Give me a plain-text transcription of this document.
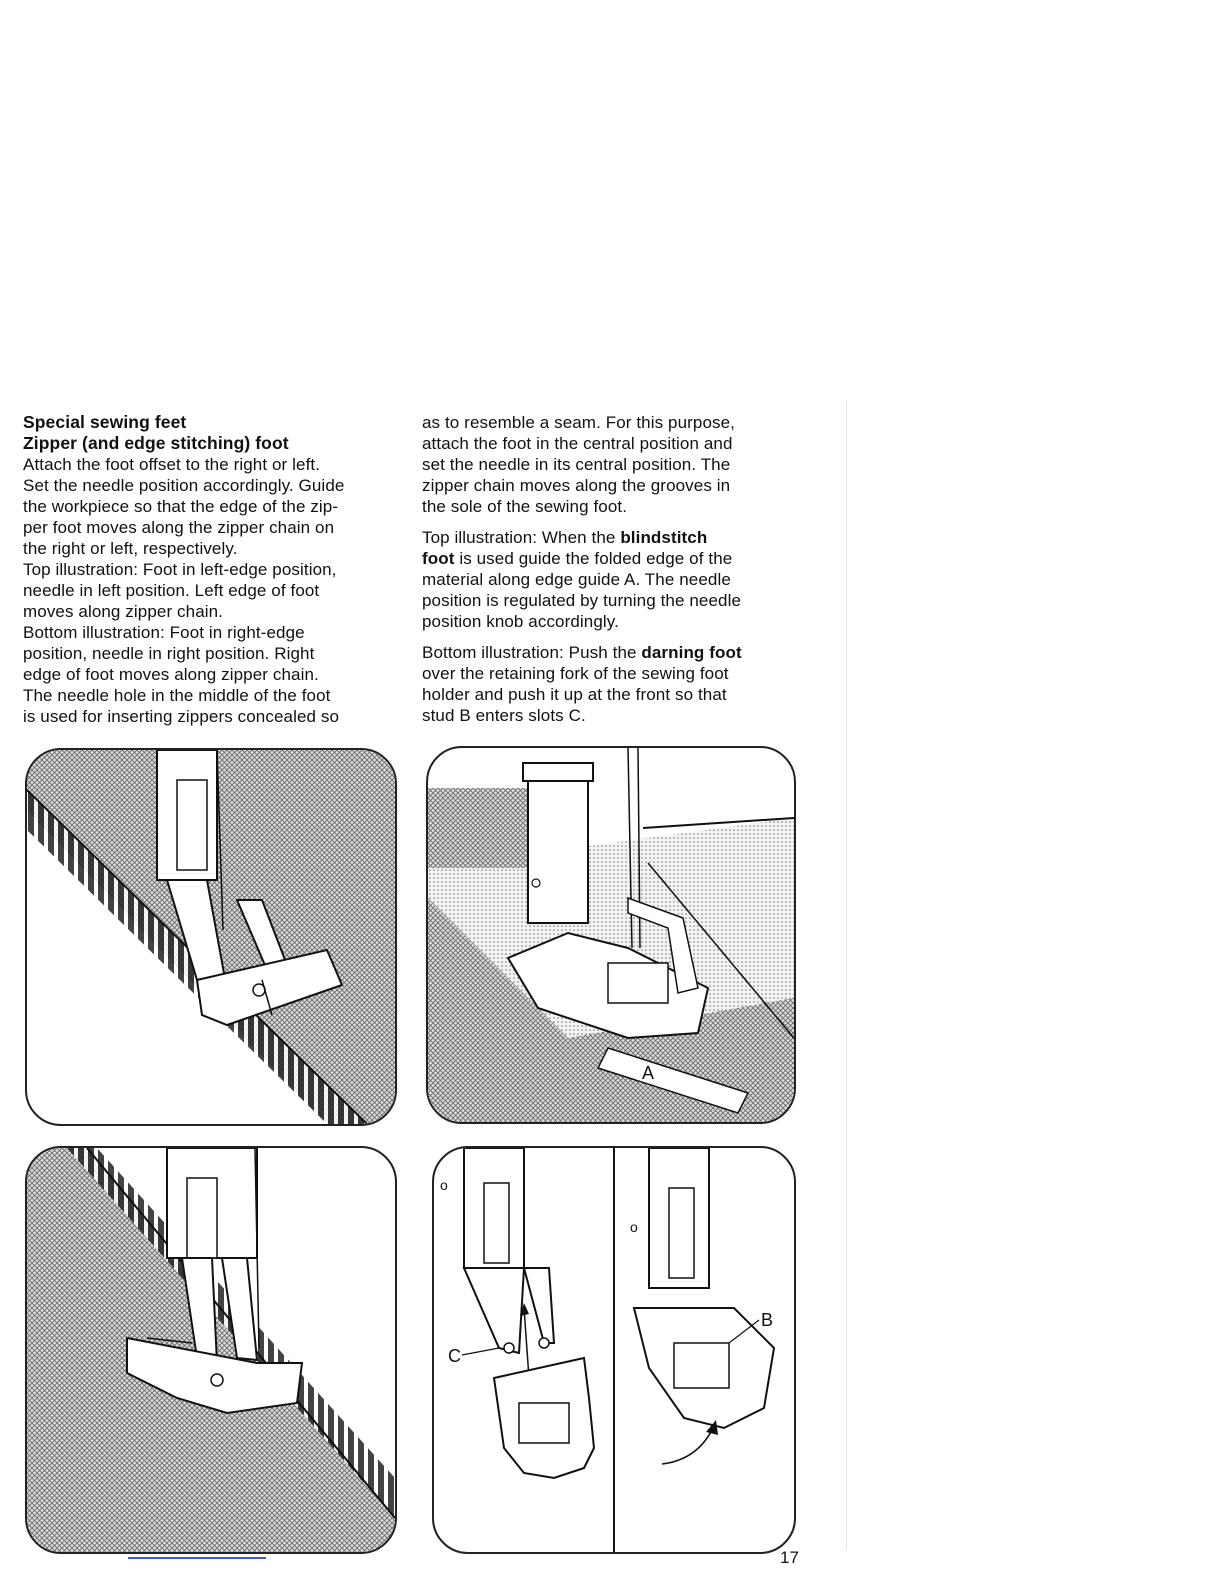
Special sewing feet

Zipper (and edge stitching) foot

Attach the foot offset to the right or left.

Set the needle position accordingly. Guide

the workpiece so that the edge of the zip-

per foot moves along the zipper chain on

the right or left, respectively.

Top illustration: Foot in left-edge position,

needle in left position. Left edge of foot

moves along zipper chain.

Bottom illustration: Foot in right-edge

position, needle in right position. Right

edge of foot moves along zipper chain.

The needle hole in the middle of the foot

is used for inserting zippers concealed so

as to resemble a seam. For this purpose,

attach the foot in the central position and

set the needle in its central position. The

zipper chain moves along the grooves in

the sole of the sewing foot.

Top illustration: When the blindstitch

foot is used guide the folded edge of the

material along edge guide A. The needle

position is regulated by turning the needle

position knob accordingly.

Bottom illustration: Push the darning foot

over the retaining fork of the sewing foot

holder and push it up at the front so that

stud B enters slots C.

A
C
B
o
o
17
